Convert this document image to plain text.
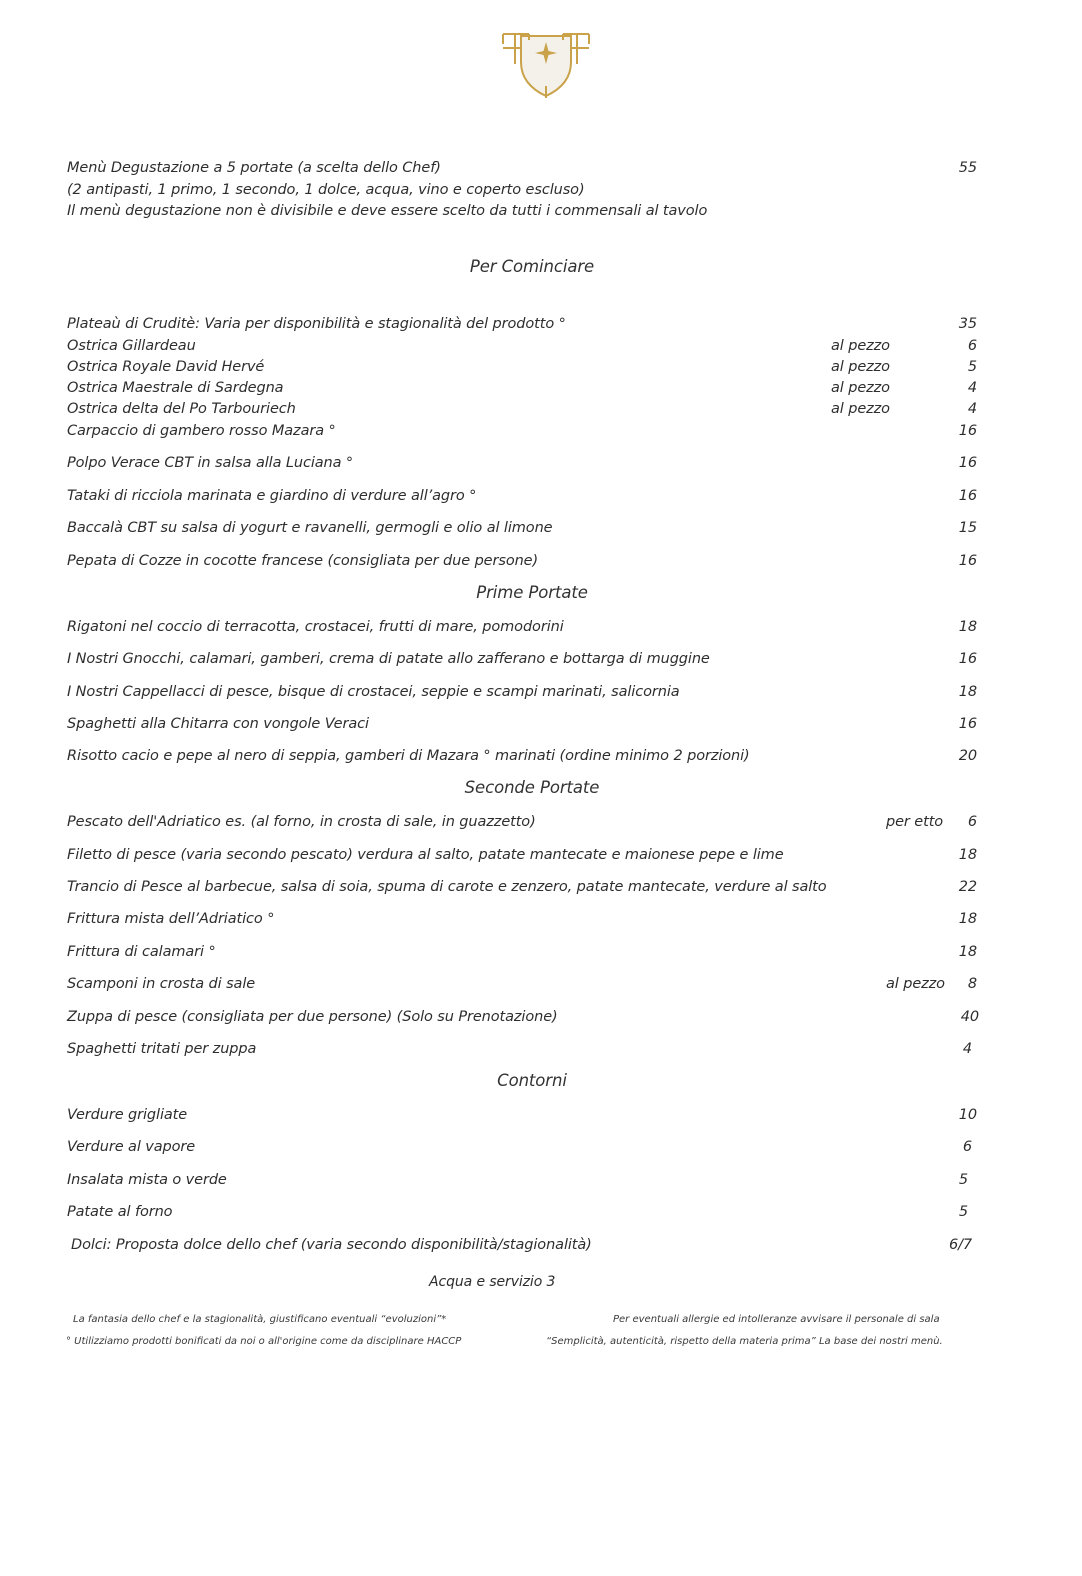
Menù Degustazione a 5 portate (a scelta dello Chef)	55
(2 antipasti, 1 primo, 1 secondo, 1 dolce, acqua, vino e coperto escluso)
Il menù degustazione non è divisibile e deve essere scelto da tutti i commensali al tavolo
Per Cominciare
Plateaù di Cruditè: Varia per disponibilità e stagionalità del prodotto °	35
Ostrica Gillardeau	al pezzo	6
Ostrica Royale David Hervé	al pezzo	5
Ostrica Maestrale di Sardegna	al pezzo	4
Ostrica delta del Po Tarbouriech	al pezzo	4
Carpaccio di gambero rosso Mazara °	16
Polpo Verace CBT in salsa alla Luciana °	16
Tataki di ricciola marinata e giardino di verdure all’agro °	16
Baccalà CBT su salsa di yogurt e ravanelli, germogli e olio al limone	15
Pepata di Cozze in cocotte francese (consigliata per due persone)	16
Prime Portate
Rigatoni nel coccio di terracotta, crostacei, frutti di mare, pomodorini	18
I Nostri Gnocchi, calamari, gamberi, crema di patate allo zafferano e bottarga di muggine	16
I Nostri Cappellacci di pesce, bisque di crostacei, seppie e scampi marinati, salicornia	18
Spaghetti alla Chitarra con vongole Veraci	16
Risotto cacio e pepe al nero di seppia, gamberi di Mazara ° marinati (ordine minimo 2 porzioni)	20
Seconde Portate
Pescato dell'Adriatico es. (al forno, in crosta di sale, in guazzetto)	per etto 6
Filetto di pesce (varia secondo pescato) verdura al salto, patate mantecate e maionese pepe e lime	18
Trancio di Pesce al barbecue, salsa di soia, spuma di carote e zenzero, patate mantecate, verdure al salto	22
Frittura mista dell’Adriatico °	18
Frittura di calamari °	18
Scamponi in crosta di sale	al pezzo 8
Zuppa di pesce (consigliata per due persone) (Solo su Prenotazione)	40
Spaghetti tritati per zuppa	4
Contorni
Verdure grigliate	10
Verdure al vapore	6
Insalata mista o verde	5
Patate al forno	5
Dolci: Proposta dolce dello chef (varia secondo disponibilità/stagionalità)	6/7
Acqua e servizio 3
La fantasia dello chef e la stagionalità, giustificano eventuali “evoluzioni”*	Per eventuali allergie ed intolleranze avvisare il personale di sala
° Utilizziamo prodotti bonificati da noi o all'origine come da disciplinare HACCP	“Semplicità, autenticità, rispetto della materia prima” La base dei nostri menù.
